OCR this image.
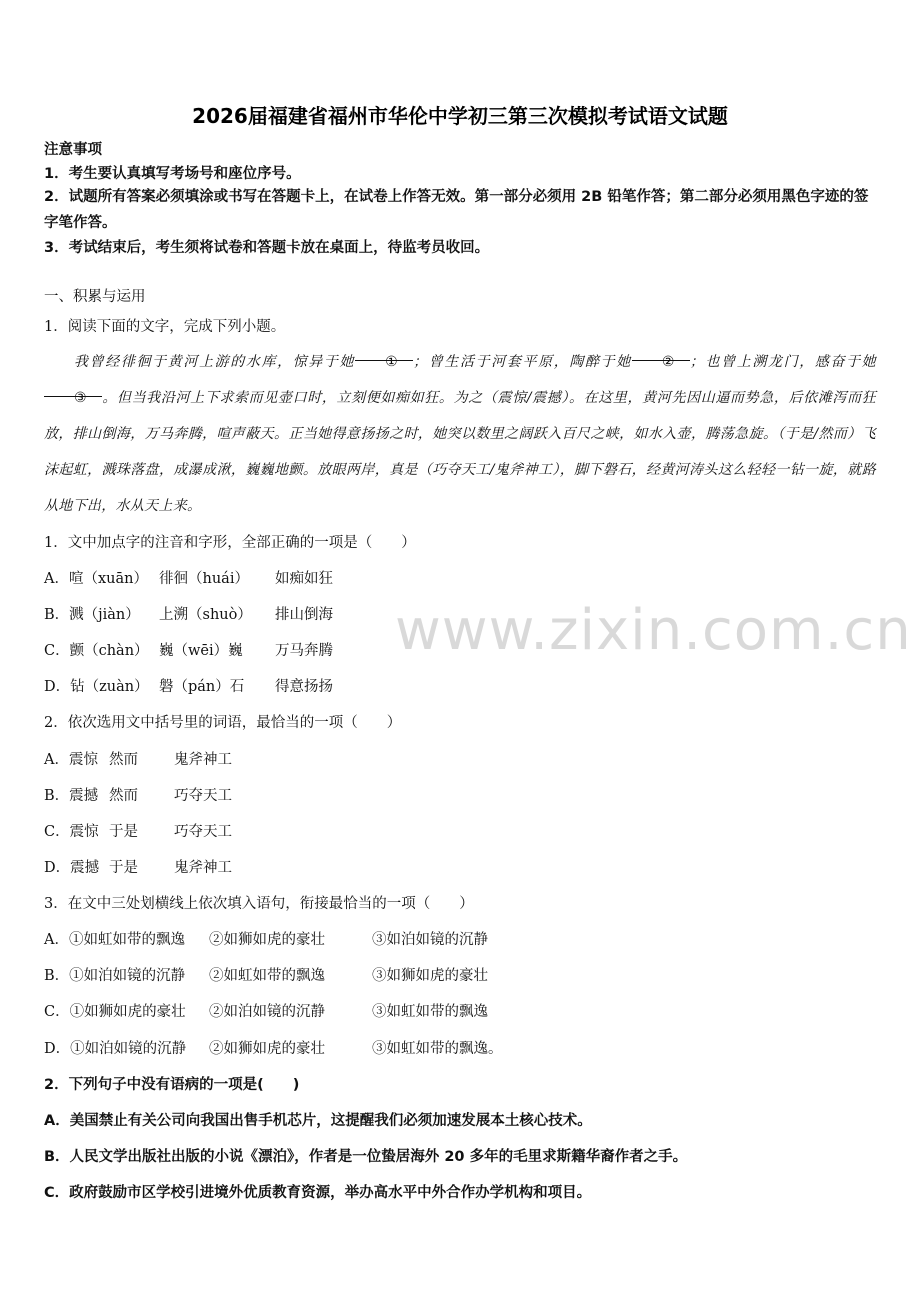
2026届福建省福州市华伦中学初三第三次模拟考试语文试题
注意事项
1．考生要认真填写考场号和座位序号。
2．试题所有答案必须填涂或书写在答题卡上，在试卷上作答无效。第一部分必须用 2B 铅笔作答；第二部分必须用黑色字迹的签字笔作答。
3．考试结束后，考生须将试卷和答题卡放在桌面上，待监考员收回。
一、积累与运用
1．阅读下面的文字，完成下列小题。
我曾经徘徊于黄河上游的水库，惊异于她 ① ；曾生活于河套平原，陶醉于她 ② ；也曾上溯龙门，感奋于她③ 。但当我沿河上下求索而见壶口时，立刻便如痴如狂。为之（震惊/震撼）。在这里，黄河先因山逼而势急，后依滩泻而狂放，排山倒海，万马奔腾，喧声蔽天。正当她得意扬扬之时，她突以数里之阔跃入百尺之峡，如水入壶，腾荡急旋。（于是/然而）飞沫起虹，溅珠落盘，成瀑成湫，巍巍地颤。放眼两岸，真是（巧夺天工/鬼斧神工），脚下磐石，经黄河涛头这么轻轻一钻一旋，就路从地下出，水从天上来。
1．文中加点字的注音和字形，全部正确的一项是（　　）
A．喧（xuān） 徘徊（huái） 如痴如狂
B．溅（jiàn） 上溯（shuò） 排山倒海
C．颤（chàn） 巍（wēi）巍 万马奔腾
D．钻（zuàn） 磐（pán）石 得意扬扬
2．依次选用文中括号里的词语，最恰当的一项（　　）
A．震惊 然而 鬼斧神工
B．震撼 然而 巧夺天工
C．震惊 于是 巧夺天工
D．震撼 于是 鬼斧神工
3．在文中三处划横线上依次填入语句，衔接最恰当的一项（　　）
A．①如虹如带的飘逸 ②如狮如虎的豪壮	③如泊如镜的沉静
B．①如泊如镜的沉静 ②如虹如带的飘逸	③如狮如虎的豪壮
C．①如狮如虎的豪壮 ②如泊如镜的沉静	③如虹如带的飘逸
D．①如泊如镜的沉静 ②如狮如虎的豪壮	③如虹如带的飘逸。
2．下列句子中没有语病的一项是(　　)
A．美国禁止有关公司向我国出售手机芯片，这提醒我们必须加速发展本土核心技术。
B．人民文学出版社出版的小说《漂泊》，作者是一位蛰居海外 20 多年的毛里求斯籍华裔作者之手。
C．政府鼓励市区学校引进境外优质教育资源，举办高水平中外合作办学机构和项目。
www.zixin.com.cn
